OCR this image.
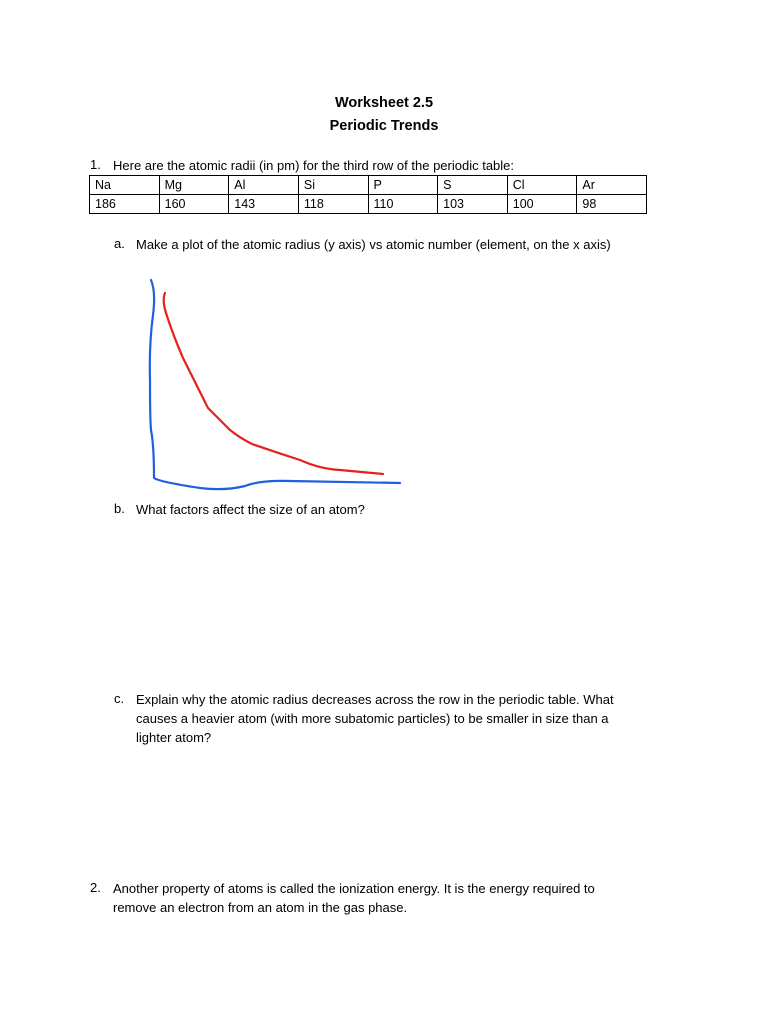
Worksheet 2.5
Periodic Trends
1. Here are the atomic radii (in pm) for the third row of the periodic table:
Na	Mg	Al	Si	P	S	Cl	Ar
186	160	143	118	110	103	100	98
a. Make a plot of the atomic radius (y axis) vs atomic number (element, on the x axis)
b. What factors affect the size of an atom?
c. Explain why the atomic radius decreases across the row in the periodic table. What
causes a heavier atom (with more subatomic particles) to be smaller in size than a
lighter atom?
2. Another property of atoms is called the ionization energy. It is the energy required to
remove an electron from an atom in the gas phase.
